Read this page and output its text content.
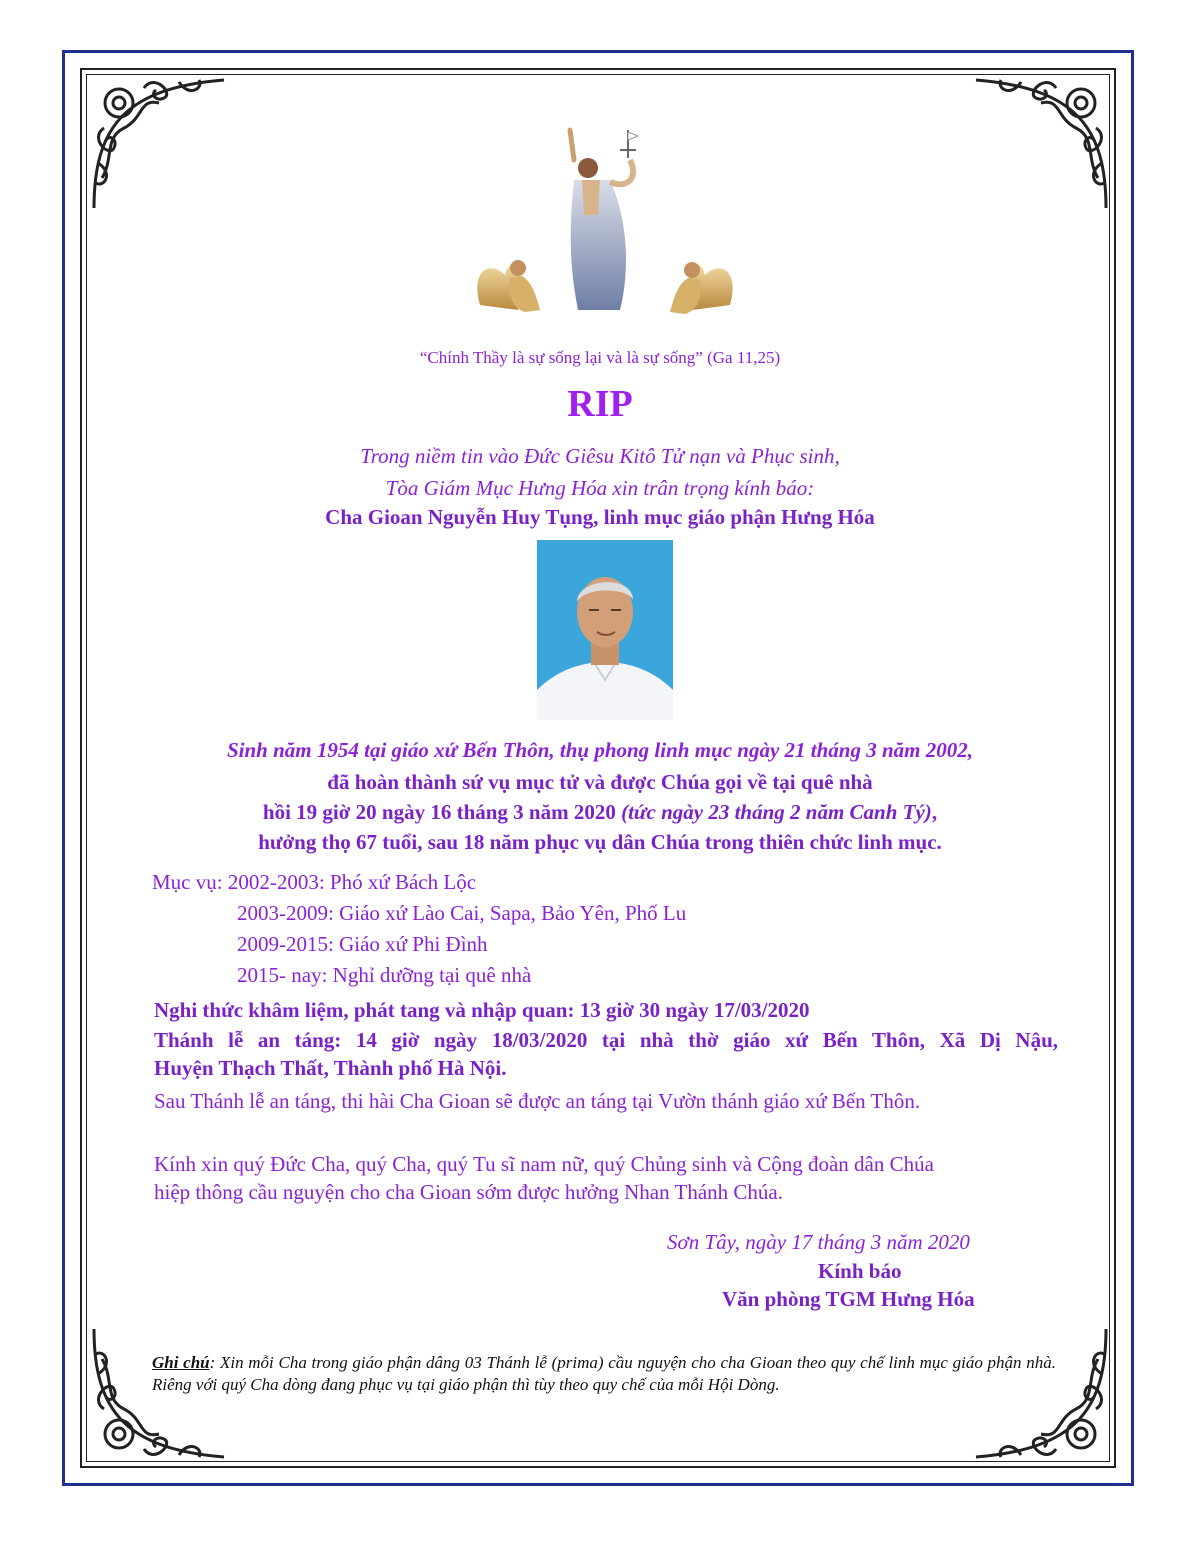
“Chính Thầy là sự sống lại và là sự sống” (Ga 11,25)
RIP
Trong niềm tin vào Đức Giêsu Kitô Tử nạn và Phục sinh,
Tòa Giám Mục Hưng Hóa xin trân trọng kính báo:
Cha Gioan Nguyễn Huy Tụng, linh mục giáo phận Hưng Hóa
Sinh năm 1954 tại giáo xứ Bến Thôn, thụ phong linh mục ngày 21 tháng 3 năm 2002,
đã hoàn thành sứ vụ mục tử và được Chúa gọi về tại quê nhà
hồi 19 giờ 20 ngày 16 tháng 3 năm 2020 (tức ngày 23 tháng 2 năm Canh Tý),
hưởng thọ 67 tuổi, sau 18 năm phục vụ dân Chúa trong thiên chức linh mục.
Mục vụ: 2002-2003: Phó xứ Bách Lộc
2003-2009: Giáo xứ Lào Cai, Sapa, Bảo Yên, Phố Lu
2009-2015: Giáo xứ Phi Đình
2015- nay: Nghỉ dưỡng tại quê nhà
Nghi thức khâm liệm, phát tang và nhập quan: 13 giờ 30 ngày 17/03/2020
Thánh lễ an táng: 14 giờ ngày 18/03/2020 tại nhà thờ giáo xứ Bến Thôn, Xã Dị Nậu,
Huyện Thạch Thất, Thành phố Hà Nội.
Sau Thánh lễ an táng, thi hài Cha Gioan sẽ được an táng tại Vườn thánh giáo xứ Bến Thôn.
Kính xin quý Đức Cha, quý Cha, quý Tu sĩ nam nữ, quý Chủng sinh và Cộng đoàn dân Chúa
hiệp thông cầu nguyện cho cha Gioan sớm được hưởng Nhan Thánh Chúa.
Sơn Tây, ngày 17 tháng 3 năm 2020
Kính báo
Văn phòng TGM Hưng Hóa
Ghi chú: Xin mỗi Cha trong giáo phận dâng 03 Thánh lễ (prima) cầu nguyện cho cha Gioan theo quy chế linh mục giáo phận nhà. Riêng với quý Cha dòng đang phục vụ tại giáo phận thì tùy theo quy chế của mỗi Hội Dòng.
